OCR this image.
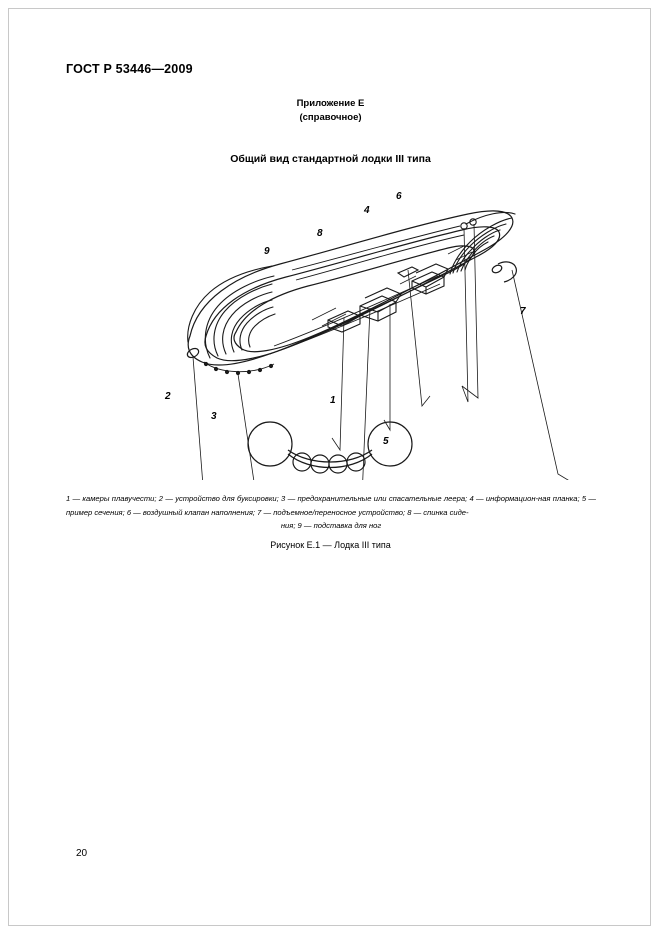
ГОСТ Р 53446—2009
Приложение Е
(справочное)
Общий вид стандартной лодки III типа
1
2
3
4
5
6
7
8
9
1 — камеры плавучести; 2 — устройство для буксировки; 3 — предохранительные или спасательные леера; 4 — информацион-ная планка; 5 — пример сечения; 6 — воздушный клапан наполнения; 7 — подъемное/переносное устройство; 8 — спинка сиде-
ния; 9 — подставка для ног
Рисунок Е.1 — Лодка III типа
20
